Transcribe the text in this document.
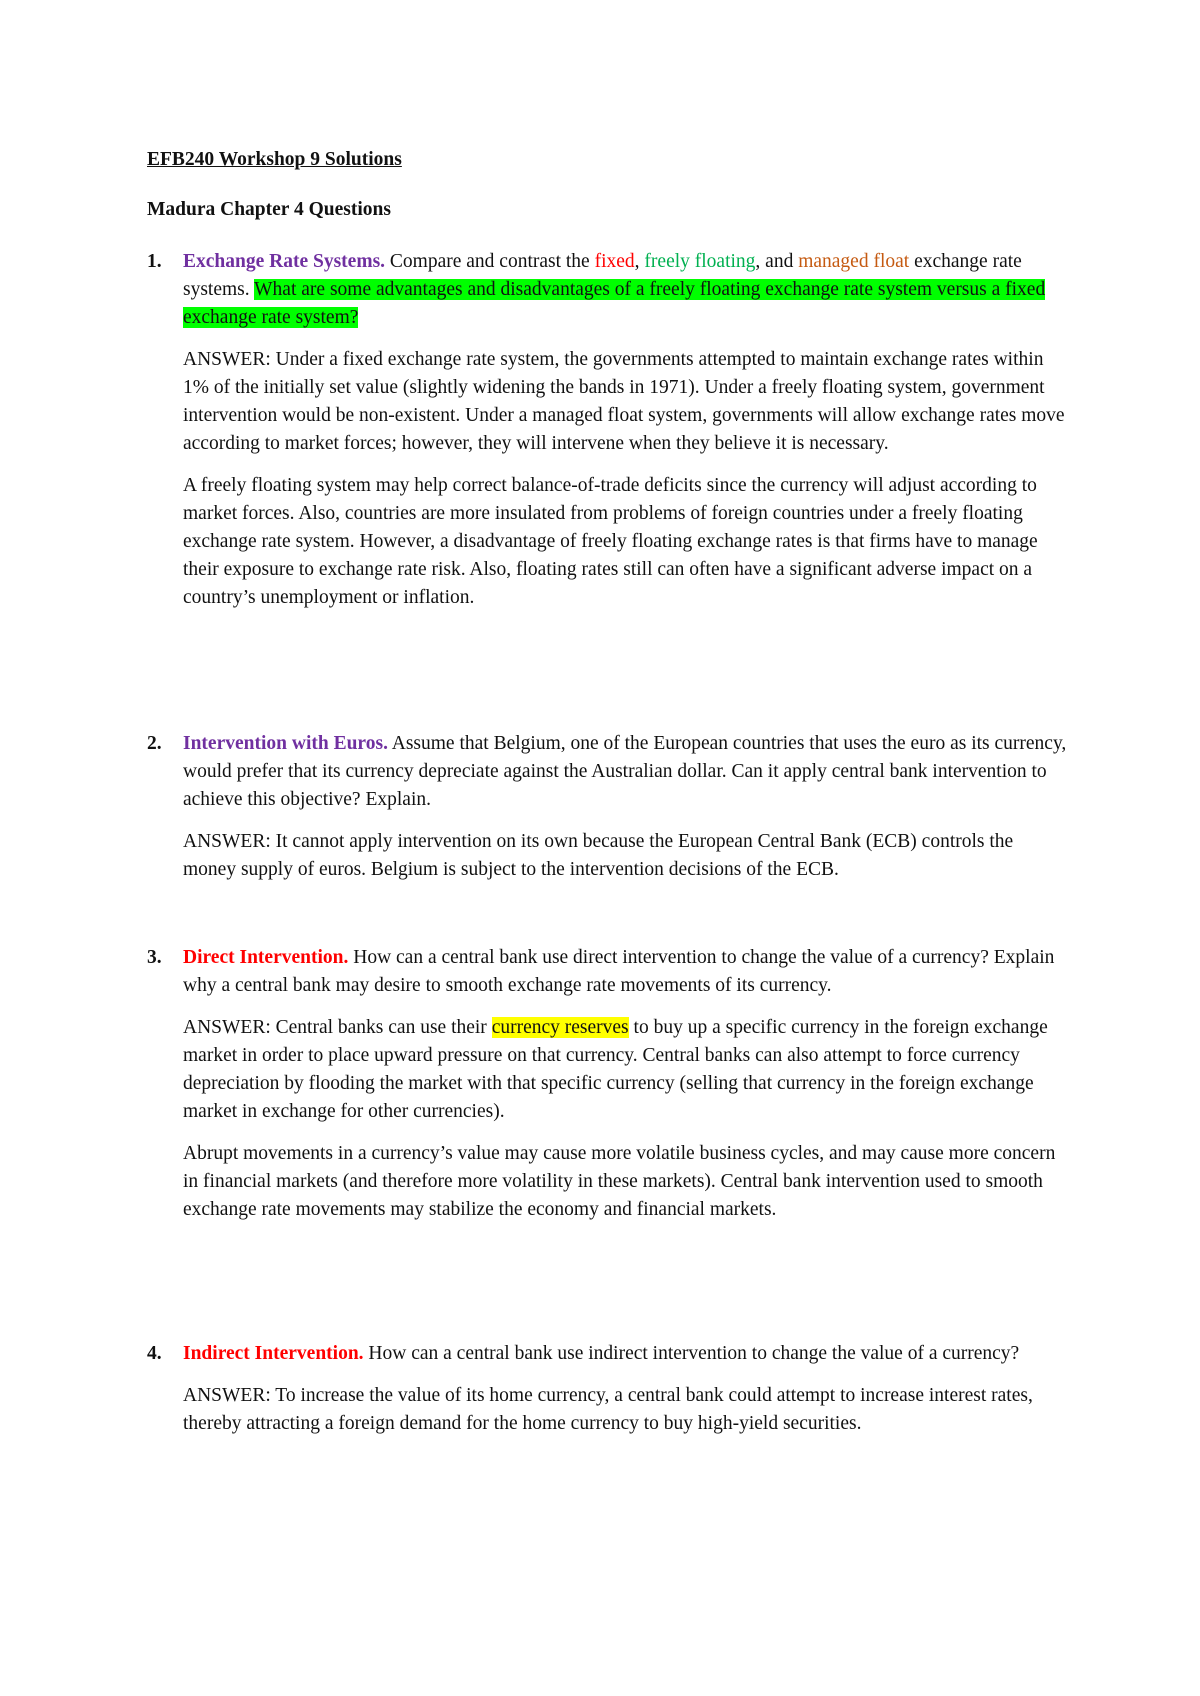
EFB240 Workshop 9 Solutions
Madura Chapter 4 Questions
1. Exchange Rate Systems. Compare and contrast the fixed, freely floating, and managed float exchange rate systems. What are some advantages and disadvantages of a freely floating exchange rate system versus a fixed exchange rate system?

ANSWER: Under a fixed exchange rate system, the governments attempted to maintain exchange rates within 1% of the initially set value (slightly widening the bands in 1971). Under a freely floating system, government intervention would be non-existent. Under a managed float system, governments will allow exchange rates move according to market forces; however, they will intervene when they believe it is necessary.

A freely floating system may help correct balance-of-trade deficits since the currency will adjust according to market forces. Also, countries are more insulated from problems of foreign countries under a freely floating exchange rate system. However, a disadvantage of freely floating exchange rates is that firms have to manage their exposure to exchange rate risk. Also, floating rates still can often have a significant adverse impact on a country’s unemployment or inflation.

2. Intervention with Euros. Assume that Belgium, one of the European countries that uses the euro as its currency, would prefer that its currency depreciate against the Australian dollar. Can it apply central bank intervention to achieve this objective? Explain.

ANSWER: It cannot apply intervention on its own because the European Central Bank (ECB) controls the money supply of euros. Belgium is subject to the intervention decisions of the ECB.

3. Direct Intervention. How can a central bank use direct intervention to change the value of a currency? Explain why a central bank may desire to smooth exchange rate movements of its currency.

ANSWER: Central banks can use their currency reserves to buy up a specific currency in the foreign exchange market in order to place upward pressure on that currency. Central banks can also attempt to force currency depreciation by flooding the market with that specific currency (selling that currency in the foreign exchange market in exchange for other currencies).

Abrupt movements in a currency’s value may cause more volatile business cycles, and may cause more concern in financial markets (and therefore more volatility in these markets). Central bank intervention used to smooth exchange rate movements may stabilize the economy and financial markets.

4. Indirect Intervention. How can a central bank use indirect intervention to change the value of a currency?

ANSWER: To increase the value of its home currency, a central bank could attempt to increase interest rates, thereby attracting a foreign demand for the home currency to buy high-yield securities.
